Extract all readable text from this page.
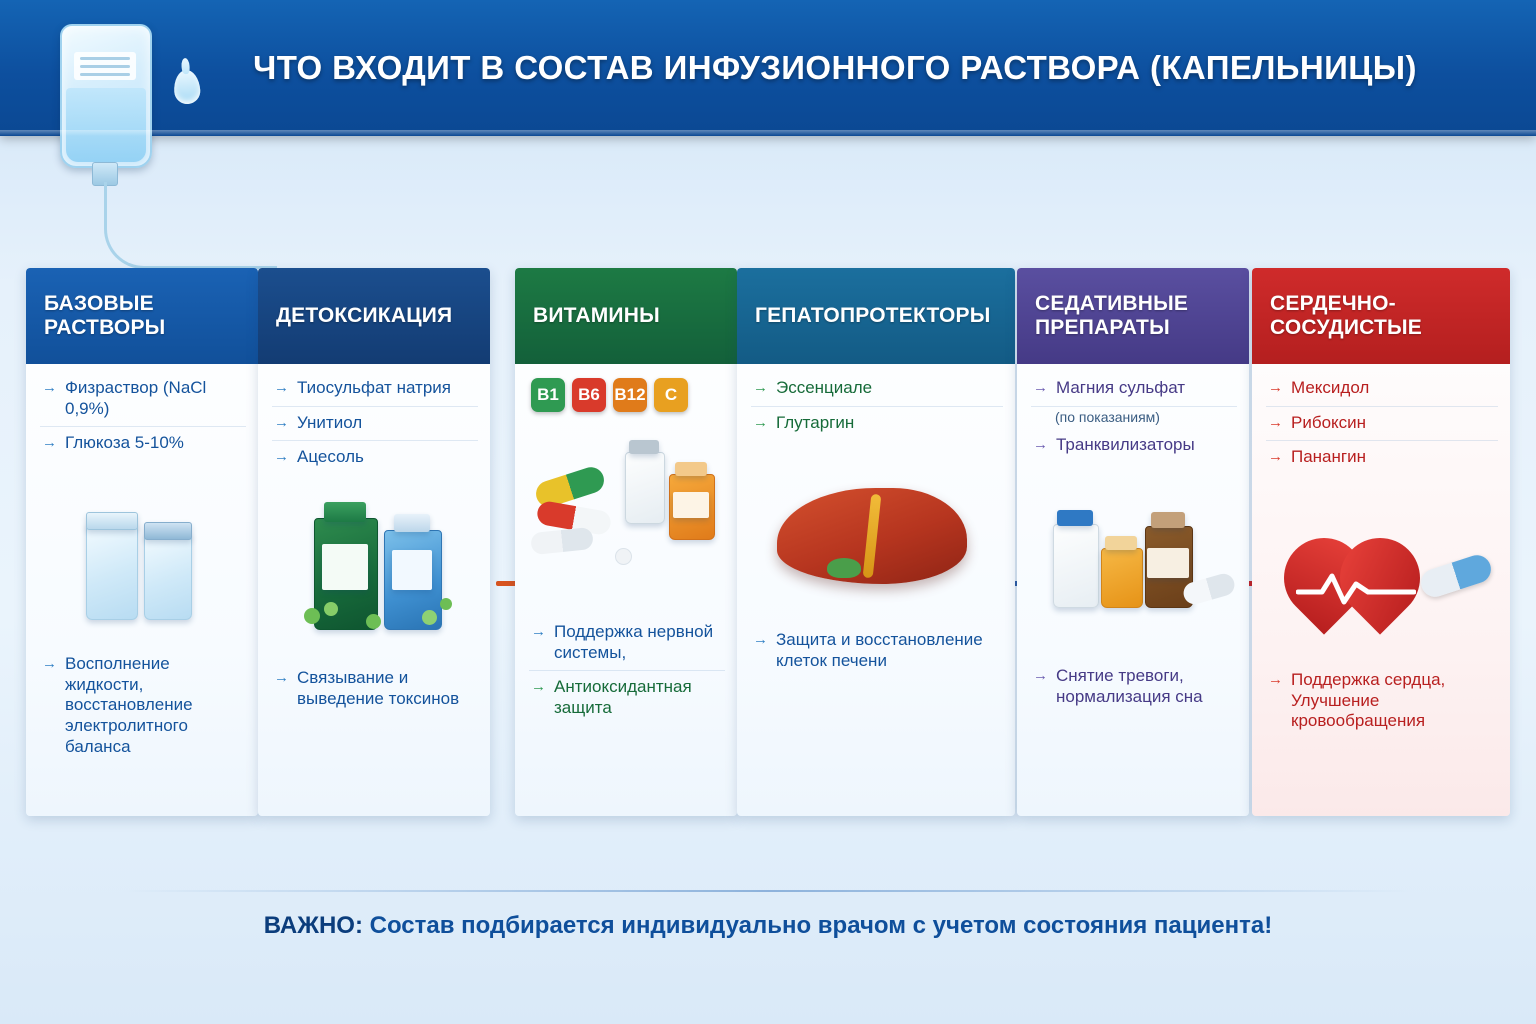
ЧТО ВХОДИТ В СОСТАВ ИНФУЗИОННОГО РАСТВОРА (КАПЕЛЬНИЦЫ)
БАЗОВЫЕ РАСТВОРЫ
→ Физраствор (NaCl 0,9%)
→ Глюкоза 5-10%
→ Восполнение жидкости, восстановление электролитного баланса
ДЕТОКСИКАЦИЯ
→ Тиосульфат натрия
→ Унитиол
→ Ацесоль
→ Связывание и выведение токсинов
ВИТАМИНЫ
B1	B6 B12	C
→ Поддержка нервной системы,
→ Антиоксидантная защита
ГЕПАТОПРОТЕКТОРЫ
→ Эссенциале
→ Глутаргин
→ Защита и восстановление клеток печени
СЕДАТИВНЫЕ ПРЕПАРАТЫ
→ Магния сульфат
(по показаниям)
→ Транквилизаторы
→ Снятие тревоги, нормализация сна
СЕРДЕЧНО-СОСУДИСТЫЕ
→ Мексидол
→ Рибоксин
→ Панангин
→ Поддержка сердца, Улучшение кровообращения
ВАЖНО: Состав подбирается индивидуально врачом с учетом состояния пациента!
